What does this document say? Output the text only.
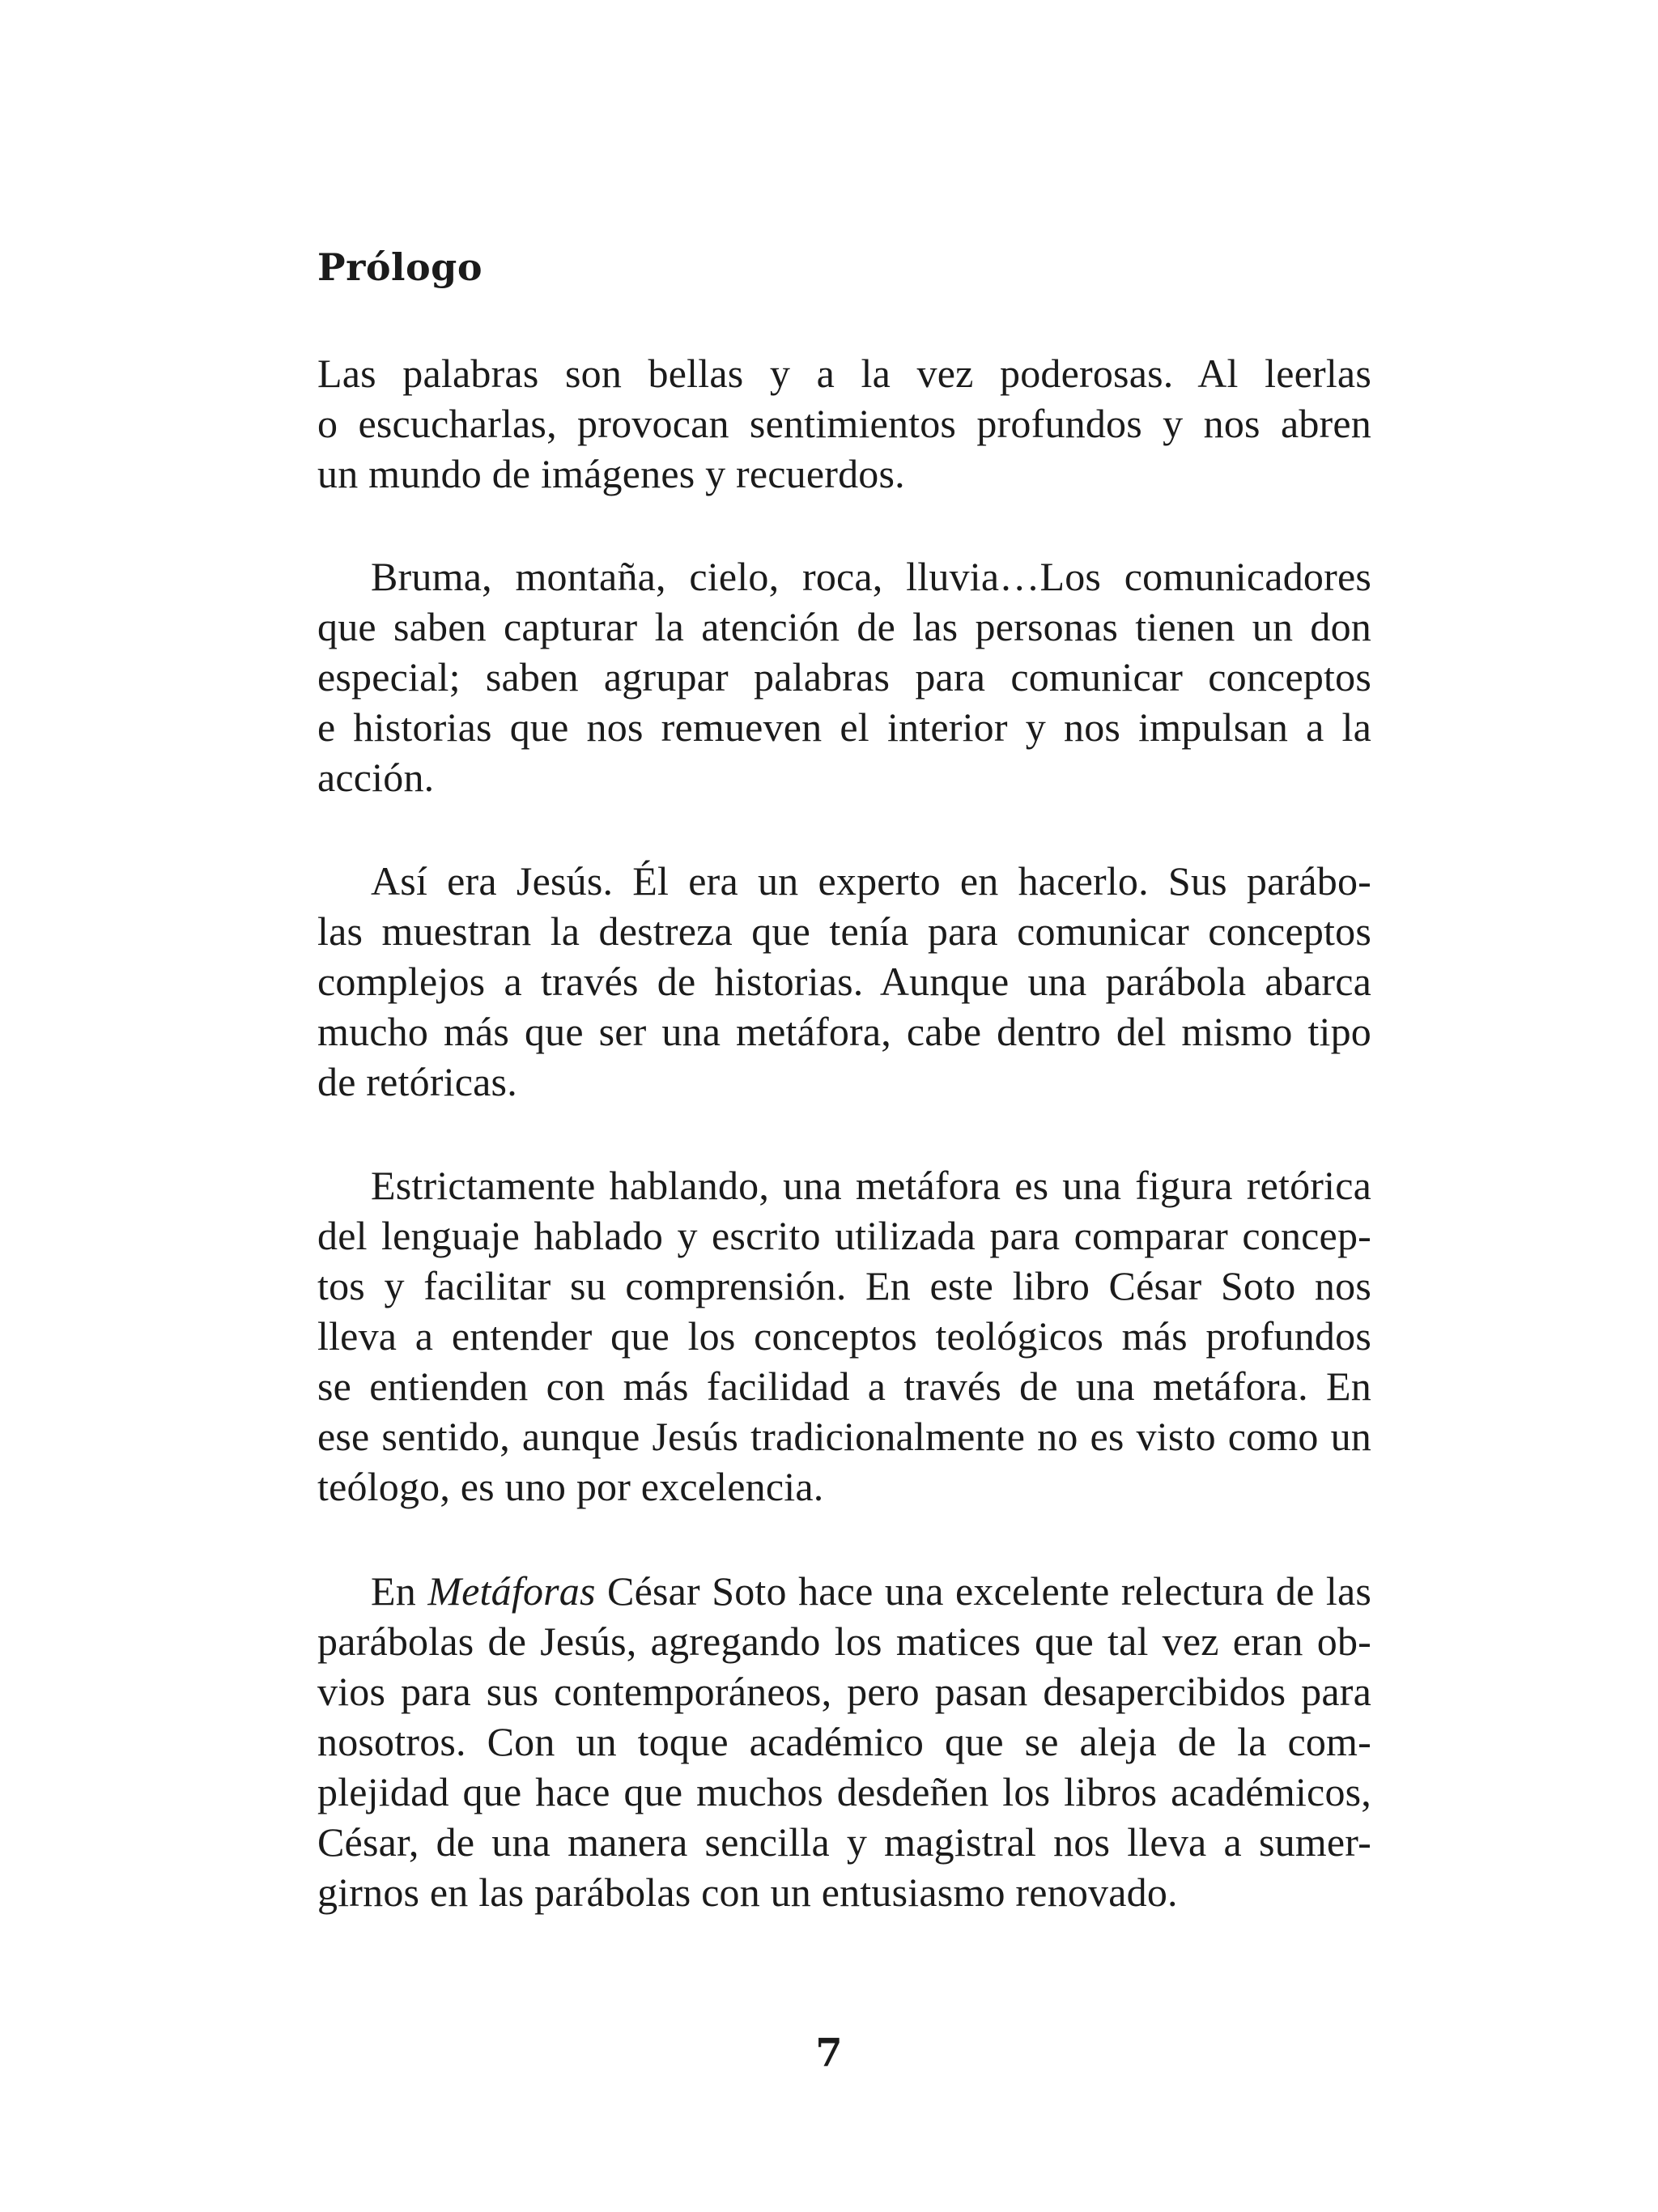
Prólogo
Las palabras son bellas y a la vez poderosas. Al leerlas
o escucharlas, provocan sentimientos profundos y nos abren
un mundo de imágenes y recuerdos.
Bruma, montaña, cielo, roca, lluvia…Los comunicadores
que saben capturar la atención de las personas tienen un don
especial; saben agrupar palabras para comunicar conceptos
e historias que nos remueven el interior y nos impulsan a la
acción.
Así era Jesús. Él era un experto en hacerlo. Sus parábo-
las muestran la destreza que tenía para comunicar conceptos
complejos a través de historias. Aunque una parábola abarca
mucho más que ser una metáfora, cabe dentro del mismo tipo
de retóricas.
Estrictamente hablando, una metáfora es una figura retórica
del lenguaje hablado y escrito utilizada para comparar concep-
tos y facilitar su comprensión. En este libro César Soto nos
lleva a entender que los conceptos teológicos más profundos
se entienden con más facilidad a través de una metáfora. En
ese sentido, aunque Jesús tradicionalmente no es visto como un
teólogo, es uno por excelencia.
En Metáforas César Soto hace una excelente relectura de las
parábolas de Jesús, agregando los matices que tal vez eran ob-
vios para sus contemporáneos, pero pasan desapercibidos para
nosotros. Con un toque académico que se aleja de la com-
plejidad que hace que muchos desdeñen los libros académicos,
César, de una manera sencilla y magistral nos lleva a sumer-
girnos en las parábolas con un entusiasmo renovado.
7
